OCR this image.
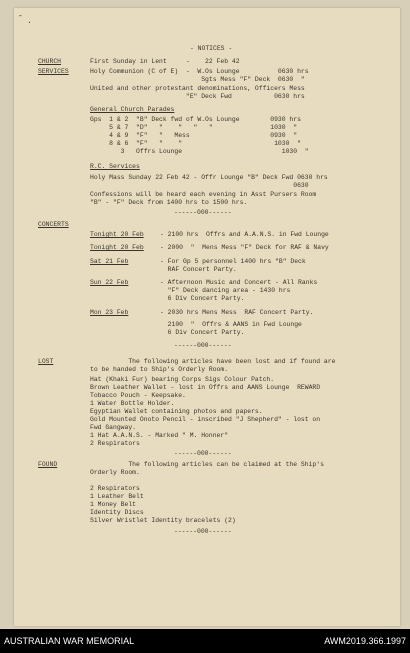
-
.
- NOTICES -
CHURCH
SERVICES
First Sunday in Lent     -    22 Feb 42
Holy Communion (C of E)  -  W.Os Lounge          0630 hrs
Sgts Mess "F" Deck  0630  "
United and other protestant denominations, Officers Mess
"E" Deck Fwd           0630 hrs
General Church Parades
Gps  1 & 2  "B" Deck fwd of W.Os Lounge        0930 hrs
5 & 7  "D"   "    "   "   "               1030  "
4 & 9  "F"   "   Mess                     0930  "
8 & 6  "F"   "    "                        1030  "
3   Offrs Lounge                          1030  "
R.C. Services
Holy Mass Sunday 22 Feb 42 - Offr Lounge "B" Deck Fwd 0630 hrs
0630
Confessions will be heard each evening in Asst Pursers Room
"B" - "F" Deck from 1400 hrs to 1500 hrs.
------000------
CONCERTS
Tonight 20 Feb	- 2100 hrs  Offrs and A.A.N.S. in Fwd Lounge
Tonight 20 Feb	- 2000  "  Mens Mess "F" Deck for RAF & Navy
Sat 21 Feb	- For Gp 5 personnel 1400 hrs "B" Deck
RAF Concert Party.
Sun 22 Feb	- Afternoon Music and Concert - All Ranks
"F" Deck dancing area - 1430 hrs
6 Div Concert Party.
Mon 23 Feb	- 2030 hrs Mens Mess  RAF Concert Party.
2100  "  Offrs & AANS in Fwd Lounge
6 Div Concert Party.
------000------
LOST	The following articles have been lost and if found are
to be handed to Ship's Orderly Room.
Hat (Khaki Fur) bearing Corps Sigs Colour Patch.
Brown Leather Wallet - lost in Offrs and AANS Lounge  REWARD
Tobacco Pouch - Keepsake.
1 Water Bottle Holder.
Egyptian Wallet containing photos and papers.
Gold Mounted Onoto Pencil - inscribed "J Shepherd" - lost on
Fwd Gangway.
1 Hat A.A.N.S. - Marked " M. Honner"
2 Respirators
------000------
FOUND	The following articles can be claimed at the Ship's
Orderly Room.
2 Respirators
1 Leather Belt
1 Money Belt
Identity Discs
Silver Wristlet Identity bracelets (2)
------000------
AUSTRALIAN WAR MEMORIAL	AWM2019.366.1997
